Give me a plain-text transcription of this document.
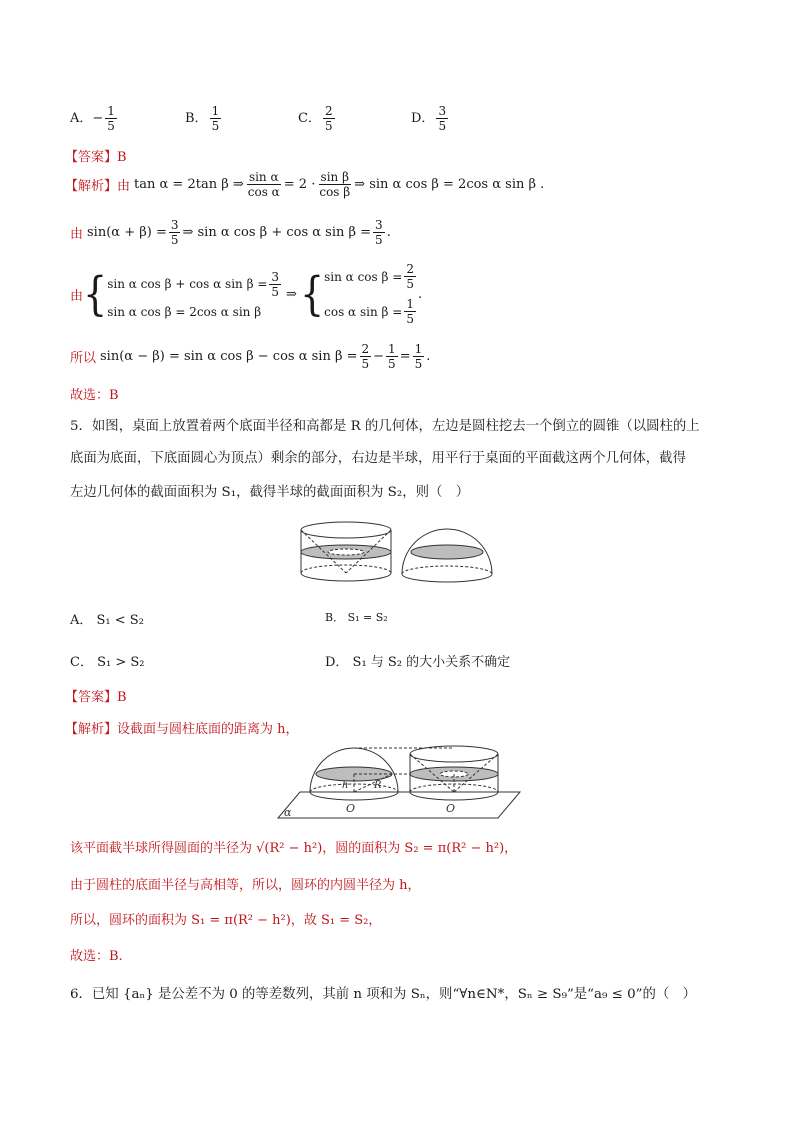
A．− $\frac{1}{5}$	B． $\frac{1}{5}$	C． $\frac{2}{5}$	D． $\frac{3}{5}$
【答案】B
【解析】 由 tan α = 2tan β ⇒ $\frac{\text{sin α}}{\text{cos α}} = 2 \cdot \frac{\text{sin β}}{\text{cos β}}$ ⇒ sin α cos β = 2cos α sin β .
由 $\sin(\alpha + \beta) = \frac{3}{5}$ ⇒ sin α cos β + cos α $\sin \beta = \frac{3}{5}$ .
由 { sin α cos β + cos α $\sin \beta = \frac{3}{5}$
sin α cos β = 2cos α sin β
⇒ { sin α $\cos \beta = \frac{2}{5}$
cos α $\sin \beta = \frac{1}{5}$
.
所以 sin(α − β) = sin α cos β − cos α $\sin \beta = \frac{2}{5} - \frac{1}{5} = \frac{1}{5}$ .
故选：B
5．如图，桌面上放置着两个底面半径和高都是 R 的几何体，左边是圆柱挖去一个倒立的圆锥（以圆柱的上
底面为底面，下底面圆心为顶点）剩余的部分，右边是半球，用平行于桌面的平面截这两个几何体，截得
左边几何体的截面面积为 S₁，截得半球的截面面积为 S₂，则（　）
A． S₁ < S₂	B． S₁ = S₂
C． S₁ > S₂	D． S₁ 与 S₂ 的大小关系不确定
【答案】B
【解析】设截面与圆柱底面的距离为 h，
α	O	O
h	R
该平面截半球所得圆面的半径为 √(R² − h²)，圆的面积为 S₂ = π(R² − h²)，
由于圆柱的底面半径与高相等，所以，圆环的内圆半径为 h，
所以，圆环的面积为 S₁ = π(R² − h²)，故 S₁ = S₂，
故选：B.
6．已知 {aₙ} 是公差不为 0 的等差数列，其前 n 项和为 Sₙ，则“∀n∈N*，Sₙ ≥ S₉”是“a₉ ≤ 0”的（　）
